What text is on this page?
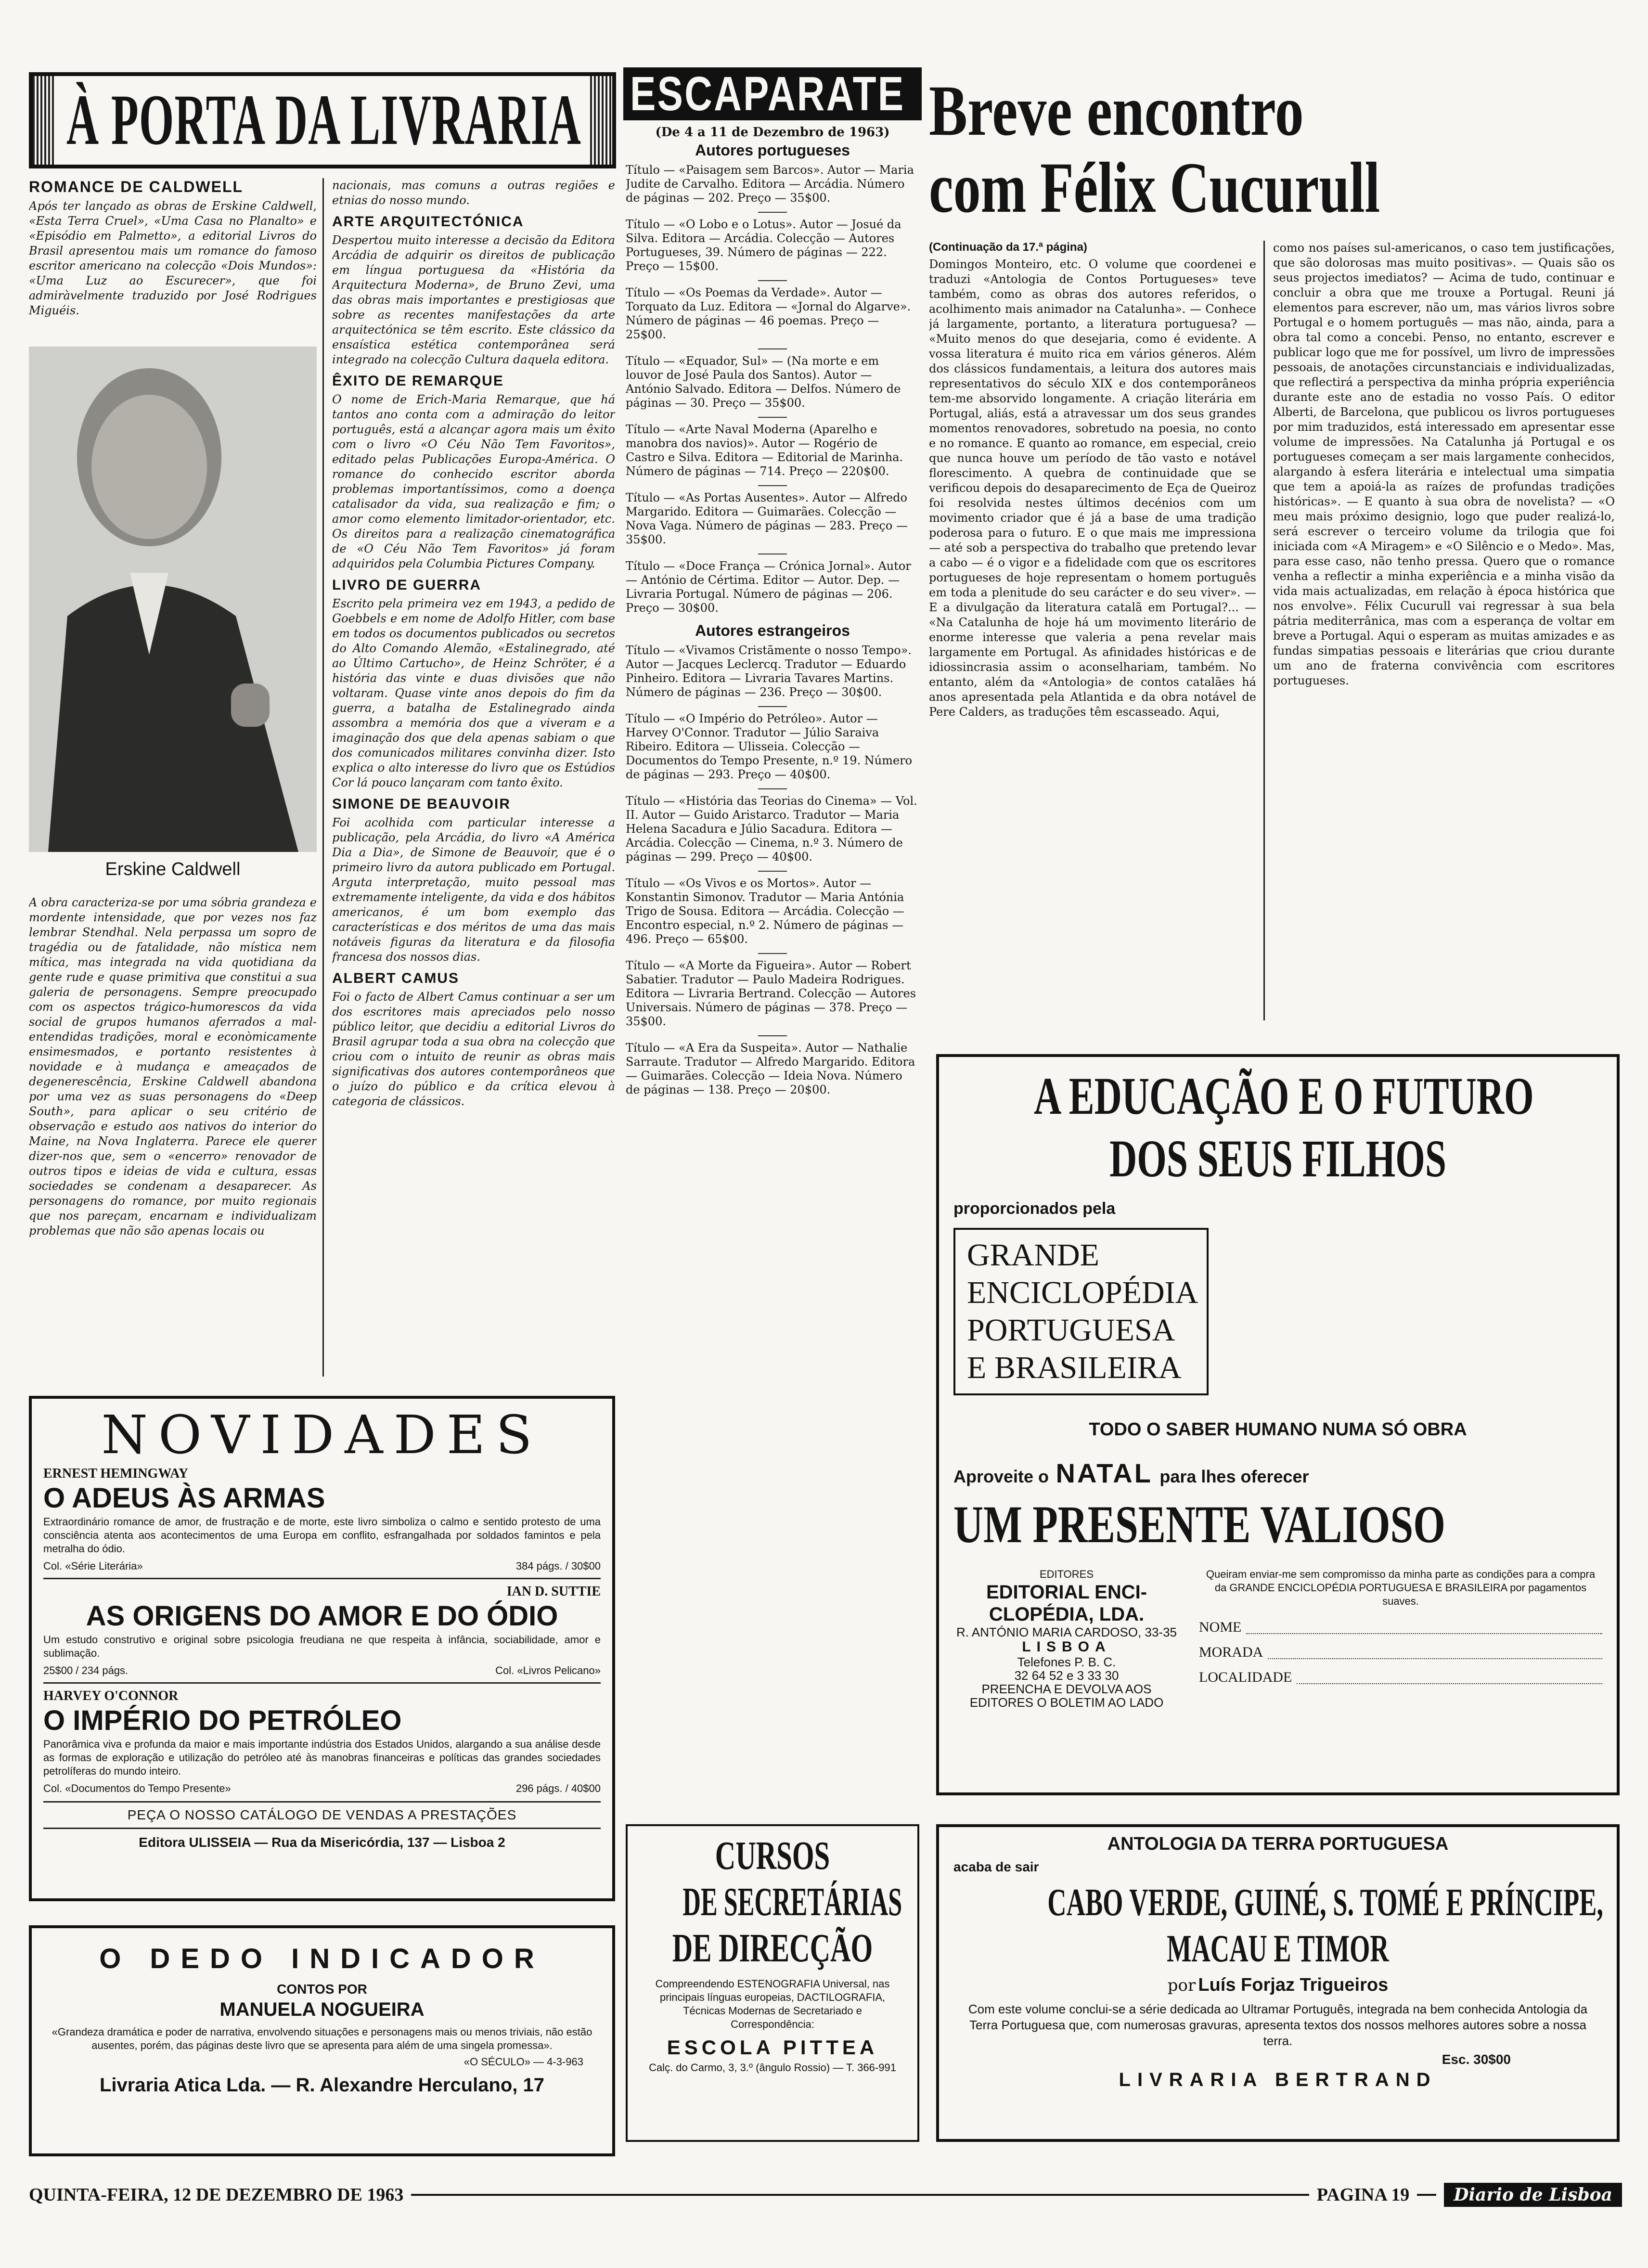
À PORTA DA LIVRARIA
ROMANCE DE CALDWELL
Após ter lançado as obras de Erskine Caldwell, «Esta Terra Cruel», «Uma Casa no Planalto» e «Episódio em Palmetto», a editorial Livros do Brasil apresentou mais um romance do famoso escritor americano na colecção «Dois Mundos»: «Uma Luz ao Escurecer», que foi admiràvelmente traduzido por José Rodrigues Miguéis.
Erskine Caldwell
A obra caracteriza-se por uma sóbria grandeza e mordente intensidade, que por vezes nos faz lembrar Stendhal. Nela perpassa um sopro de tragédia ou de fatalidade, não mística nem mítica, mas integrada na vida quotidiana da gente rude e quase primitiva que constitui a sua galeria de personagens. Sempre preocupado com os aspectos trágico-humorescos da vida social de grupos humanos aferrados a mal-entendidas tradições, moral e econòmicamente ensimesmados, e portanto resistentes à novidade e à mudança e ameaçados de degenerescência, Erskine Caldwell abandona por uma vez as suas personagens do «Deep South», para aplicar o seu critério de observação e estudo aos nativos do interior do Maine, na Nova Inglaterra. Parece ele querer dizer-nos que, sem o «encerro» renovador de outros tipos e ideias de vida e cultura, essas sociedades se condenam a desaparecer. As personagens do romance, por muito regionais que nos pareçam, encarnam e individualizam problemas que não são apenas locais ou
nacionais, mas comuns a outras regiões e etnias do nosso mundo.
ARTE ARQUITECTÓNICA
Despertou muito interesse a decisão da Editora Arcádia de adquirir os direitos de publicação em língua portuguesa da «História da Arquitectura Moderna», de Bruno Zevi, uma das obras mais importantes e prestigiosas que sobre as recentes manifestações da arte arquitectónica se têm escrito. Este clássico da ensaística estética contemporânea será integrado na colecção Cultura daquela editora.
ÊXITO DE REMARQUE
O nome de Erich-Maria Remarque, que há tantos ano conta com a admiração do leitor português, está a alcançar agora mais um êxito com o livro «O Céu Não Tem Favoritos», editado pelas Publicações Europa-América. O romance do conhecido escritor aborda problemas importantíssimos, como a doença catalisador da vida, sua realização e fim; o amor como elemento limitador-orientador, etc. Os direitos para a realização cinematográfica de «O Céu Não Tem Favoritos» já foram adquiridos pela Columbia Pictures Company.
LIVRO DE GUERRA
Escrito pela primeira vez em 1943, a pedido de Goebbels e em nome de Adolfo Hitler, com base em todos os documentos publicados ou secretos do Alto Comando Alemão, «Estalinegrado, até ao Último Cartucho», de Heinz Schröter, é a história das vinte e duas divisões que não voltaram. Quase vinte anos depois do fim da guerra, a batalha de Estalinegrado ainda assombra a memória dos que a viveram e a imaginação dos que dela apenas sabiam o que dos comunicados militares convinha dizer. Isto explica o alto interesse do livro que os Estúdios Cor lá pouco lançaram com tanto êxito.
SIMONE DE BEAUVOIR
Foi acolhida com particular interesse a publicação, pela Arcádia, do livro «A América Dia a Dia», de Simone de Beauvoir, que é o primeiro livro da autora publicado em Portugal. Arguta interpretação, muito pessoal mas extremamente inteligente, da vida e dos hábitos americanos, é um bom exemplo das características e dos méritos de uma das mais notáveis figuras da literatura e da filosofia francesa dos nossos dias.
ALBERT CAMUS
Foi o facto de Albert Camus continuar a ser um dos escritores mais apreciados pelo nosso público leitor, que decidiu a editorial Livros do Brasil agrupar toda a sua obra na colecção que criou com o intuito de reunir as obras mais significativas dos autores contemporâneos que o juízo do público e da crítica elevou à categoria de clássicos.
NOVIDADES
ERNEST HEMINGWAY
O ADEUS ÀS ARMAS
Extraordinário romance de amor, de frustração e de morte, este livro simboliza o calmo e sentido protesto de uma consciência atenta aos acontecimentos de uma Europa em conflito, esfrangalhada por soldados famintos e pela metralha do ódio.
Col. «Série Literária»	384 págs. / 30$00
IAN D. SUTTIE
AS ORIGENS DO AMOR E DO ÓDIO
Um estudo construtivo e original sobre psicologia freudiana ne que respeita à infância, sociabilidade, amor e sublimação.
25$00 / 234 págs.	Col. «Livros Pelicano»
HARVEY O'CONNOR
O IMPÉRIO DO PETRÓLEO
Panorâmica viva e profunda da maior e mais importante indústria dos Estados Unidos, alargando a sua análise desde as formas de exploração e utilização do petróleo até às manobras financeiras e políticas das grandes sociedades petrolíferas do mundo inteiro.
Col. «Documentos do Tempo Presente»	296 págs. / 40$00
PEÇA O NOSSO CATÁLOGO DE VENDAS A PRESTAÇÕES
Editora ULISSEIA — Rua da Misericórdia, 137 — Lisboa 2
O DEDO INDICADOR
CONTOS POR
MANUELA NOGUEIRA
«Grandeza dramática e poder de narrativa, envolvendo situações e personagens mais ou menos triviais, não estão ausentes, porém, das páginas deste livro que se apresenta para além de uma singela promessa».
«O SÉCULO» — 4-3-963
Livraria Atica Lda. — R. Alexandre Herculano, 17
ESCAPARATE
(De 4 a 11 de Dezembro de 1963)
Autores portugueses
Título — «Paisagem sem Barcos». Autor — Maria Judite de Carvalho. Editora — Arcádia. Número de páginas — 202. Preço — 35$00.
Título — «O Lobo e o Lotus». Autor — Josué da Silva. Editora — Arcádia. Colecção — Autores Portugueses, 39. Número de páginas — 222. Preço — 15$00.
Título — «Os Poemas da Verdade». Autor — Torquato da Luz. Editora — «Jornal do Algarve». Número de páginas — 46 poemas. Preço — 25$00.
Título — «Equador, Sul» — (Na morte e em louvor de José Paula dos Santos). Autor — António Salvado. Editora — Delfos. Número de páginas — 30. Preço — 35$00.
Título — «Arte Naval Moderna (Aparelho e manobra dos navios)». Autor — Rogério de Castro e Silva. Editora — Editorial de Marinha. Número de páginas — 714. Preço — 220$00.
Título — «As Portas Ausentes». Autor — Alfredo Margarido. Editora — Guimarães. Colecção — Nova Vaga. Número de páginas — 283. Preço — 35$00.
Título — «Doce França — Crónica Jornal». Autor — António de Cértima. Editor — Autor. Dep. — Livraria Portugal. Número de páginas — 206. Preço — 30$00.
Autores estrangeiros
Título — «Vivamos Cristãmente o nosso Tempo». Autor — Jacques Leclercq. Tradutor — Eduardo Pinheiro. Editora — Livraria Tavares Martins. Número de páginas — 236. Preço — 30$00.
Título — «O Império do Petróleo». Autor — Harvey O'Connor. Tradutor — Júlio Saraiva Ribeiro. Editora — Ulisseia. Colecção — Documentos do Tempo Presente, n.º 19. Número de páginas — 293. Preço — 40$00.
Título — «História das Teorias do Cinema» — Vol. II. Autor — Guido Aristarco. Tradutor — Maria Helena Sacadura e Júlio Sacadura. Editora — Arcádia. Colecção — Cinema, n.º 3. Número de páginas — 299. Preço — 40$00.
Título — «Os Vivos e os Mortos». Autor — Konstantin Simonov. Tradutor — Maria Antónia Trigo de Sousa. Editora — Arcádia. Colecção — Encontro especial, n.º 2. Número de páginas — 496. Preço — 65$00.
Título — «A Morte da Figueira». Autor — Robert Sabatier. Tradutor — Paulo Madeira Rodrigues. Editora — Livraria Bertrand. Colecção — Autores Universais. Número de páginas — 378. Preço — 35$00.
Título — «A Era da Suspeita». Autor — Nathalie Sarraute. Tradutor — Alfredo Margarido. Editora — Guimarães. Colecção — Ideia Nova. Número de páginas — 138. Preço — 20$00.
CURSOS
DE SECRETÁRIAS
DE DIRECÇÃO
Compreendendo ESTENOGRAFIA Universal, nas principais línguas europeias, DACTILOGRAFIA, Técnicas Modernas de Secretariado e Correspondência:
ESCOLA PITTEA
Calç. do Carmo, 3, 3.º (ângulo Rossio) — T. 366-991
Breve encontro
com Félix Cucurull
(Continuação da 17.ª página)
Domingos Monteiro, etc. O volume que coordenei e traduzi «Antologia de Contos Portugueses» teve também, como as obras dos autores referidos, o acolhimento mais animador na Catalunha». — Conhece já largamente, portanto, a literatura portuguesa? — «Muito menos do que desejaria, como é evidente. A vossa literatura é muito rica em vários géneros. Além dos clássicos fundamentais, a leitura dos autores mais representativos do século XIX e dos contemporâneos tem-me absorvido longamente. A criação literária em Portugal, aliás, está a atravessar um dos seus grandes momentos renovadores, sobretudo na poesia, no conto e no romance. E quanto ao romance, em especial, creio que nunca houve um período de tão vasto e notável florescimento. A quebra de continuidade que se verificou depois do desaparecimento de Eça de Queiroz foi resolvida nestes últimos decénios com um movimento criador que é já a base de uma tradição poderosa para o futuro. E o que mais me impressiona — até sob a perspectiva do trabalho que pretendo levar a cabo — é o vigor e a fidelidade com que os escritores portugueses de hoje representam o homem português em toda a plenitude do seu carácter e do seu viver». — E a divulgação da literatura catalã em Portugal?... — «Na Catalunha de hoje há um movimento literário de enorme interesse que valeria a pena revelar mais largamente em Portugal. As afinidades históricas e de idiossincrasia assim o aconselhariam, também. No entanto, além da «Antologia» de contos catalães há anos apresentada pela Atlantida e da obra notável de Pere Calders, as traduções têm escasseado. Aqui,
como nos países sul-americanos, o caso tem justificações, que são dolorosas mas muito positivas». — Quais são os seus projectos imediatos? — Acima de tudo, continuar e concluir a obra que me trouxe a Portugal. Reuni já elementos para escrever, não um, mas vários livros sobre Portugal e o homem português — mas não, ainda, para a obra tal como a concebi. Penso, no entanto, escrever e publicar logo que me for possível, um livro de impressões pessoais, de anotações circunstanciais e individualizadas, que reflectirá a perspectiva da minha própria experiência durante este ano de estadia no vosso País. O editor Alberti, de Barcelona, que publicou os livros portugueses por mim traduzidos, está interessado em apresentar esse volume de impressões. Na Catalunha já Portugal e os portugueses começam a ser mais largamente conhecidos, alargando à esfera literária e intelectual uma simpatia que tem a apoiá-la as raízes de profundas tradições históricas». — E quanto à sua obra de novelista? — «O meu mais próximo designio, logo que puder realizá-lo, será escrever o terceiro volume da trilogia que foi iniciada com «A Miragem» e «O Silêncio e o Medo». Mas, para esse caso, não tenho pressa. Quero que o romance venha a reflectir a minha experiência e a minha visão da vida mais actualizadas, em relação à época histórica que nos envolve». Félix Cucurull vai regressar à sua bela pátria mediterrânica, mas com a esperança de voltar em breve a Portugal. Aqui o esperam as muitas amizades e as fundas simpatias pessoais e literárias que criou durante um ano de fraterna convivência com escritores portugueses.
A EDUCAÇÃO E O FUTURO
DOS SEUS FILHOS
proporcionados pela
GRANDE
ENCICLOPÉDIA
PORTUGUESA
E BRASILEIRA
TODO O SABER HUMANO NUMA SÓ OBRA
Aproveite o NATAL para lhes oferecer
UM PRESENTE VALIOSO
EDITORES
EDITORIAL ENCI-
CLOPÉDIA, LDA.
R. ANTÓNIO MARIA CARDOSO, 33-35
LISBOA
Telefones P. B. C.
32 64 52 e 3 33 30
PREENCHA E DEVOLVA AOS EDITORES O BOLETIM AO LADO
Queiram enviar-me sem compromisso da minha parte as condições para a compra da GRANDE ENCICLOPÉDIA PORTUGUESA E BRASILEIRA por pagamentos suaves.
NOME
MORADA
LOCALIDADE
ANTOLOGIA DA TERRA PORTUGUESA
acaba de sair
CABO VERDE, GUINÉ, S. TOMÉ E PRÍNCIPE,
MACAU E TIMOR
por Luís Forjaz Trigueiros
Com este volume conclui-se a série dedicada ao Ultramar Português, integrada na bem conhecida Antologia da Terra Portuguesa que, com numerosas gravuras, apresenta textos dos nossos melhores autores sobre a nossa terra.
Esc. 30$00
LIVRARIA BERTRAND
QUINTA-FEIRA, 12 DE DEZEMBRO DE 1963	PAGINA 19	Diario de Lisboa
